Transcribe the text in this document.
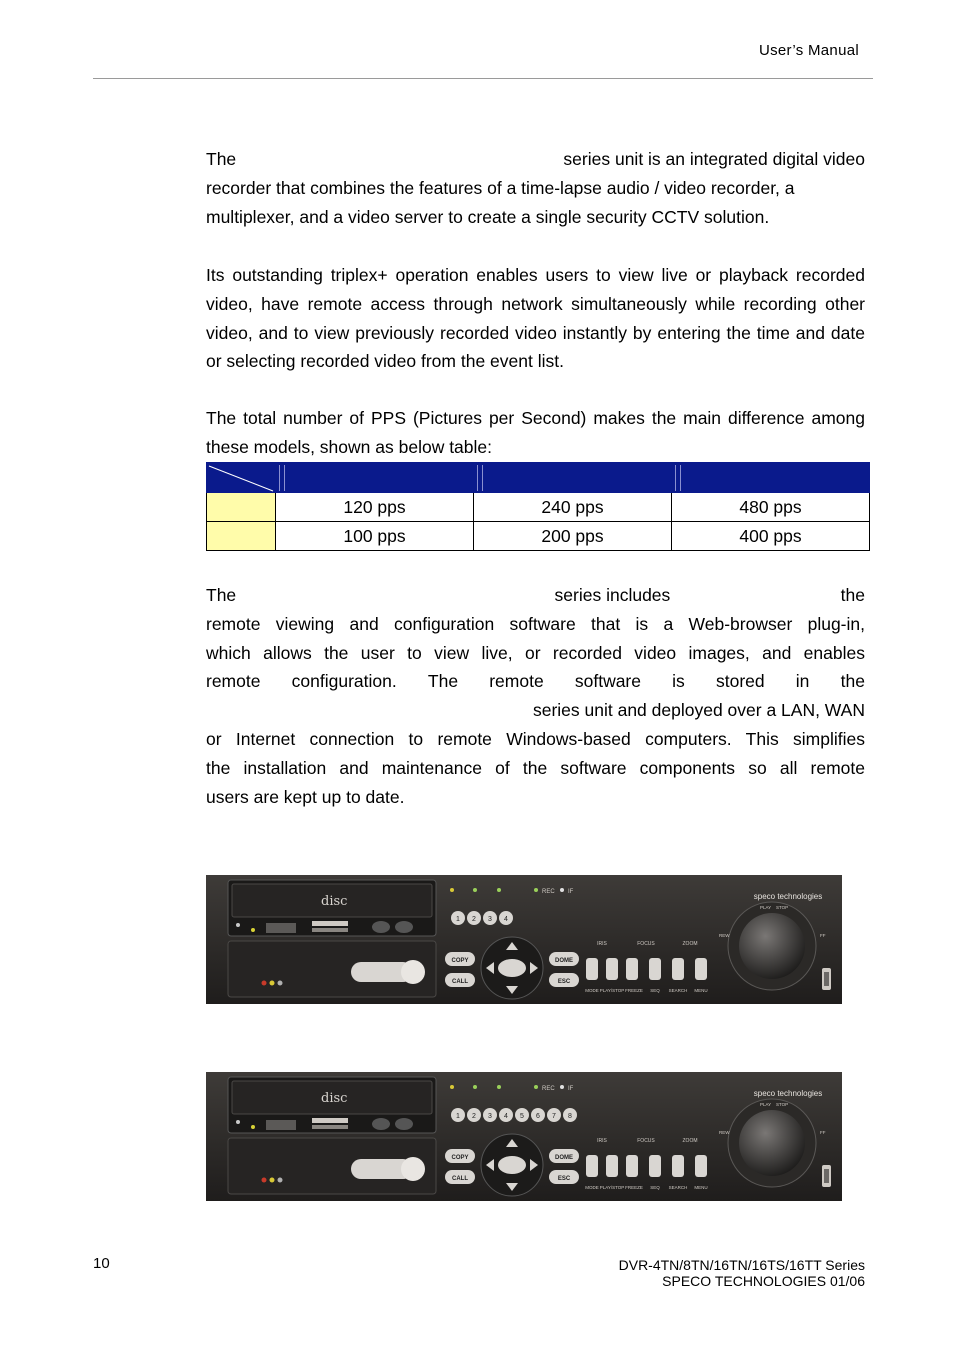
User’s Manual
The	series unit is an integrated digital video
recorder that combines the features of a time-lapse audio / video recorder, a
multiplexer, and a video server to create a single security CCTV solution.

Its outstanding triplex+ operation enables users to view live or playback recorded video, have remote access through network simultaneously while recording other video, and to view previously recorded video instantly by entering the time and date or selecting recorded video from the event list.

The total number of PPS (Pictures per Second) makes the main difference among these models, shown as below table:

	120 pps	240 pps	480 pps
	100 pps	200 pps	400 pps
The	series includes	the
remote viewing and configuration software that is a Web-browser plug-in,
which allows the user to view live, or recorded video images, and enables
remote configuration. The remote software is stored in the
series unit and deployed over a LAN, WAN
or Internet connection to remote Windows-based computers. This simplifies
the installation and maintenance of the software components so all remote
users are kept up to date.
disc
REC IF
1 2 3 4
COPY
CALL
DOME
ESC
IRIS	FOCUS	ZOOM
MODE PLAY/STOP FREEZE SEQ SEARCH MENU
speco technologies
PLAY STOP
REW	FF
disc
REC IF
1 2 3 4 5 6 7 8
COPY
CALL
DOME
ESC
IRIS	FOCUS	ZOOM
MODE PLAY/STOP FREEZE SEQ SEARCH MENU
speco technologies
PLAY STOP
REW	FF
10	DVR-4TN/8TN/16TN/16TS/16TT Series
SPECO TECHNOLOGIES 01/06
